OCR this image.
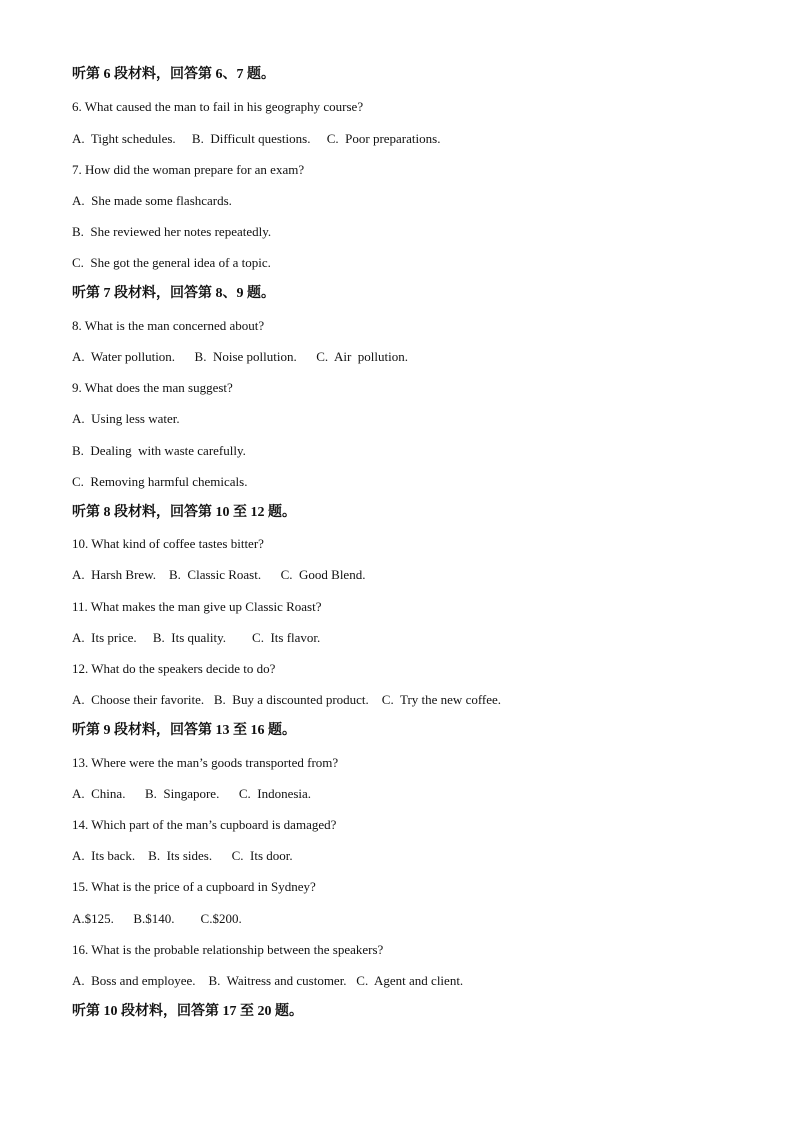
听第 6 段材料，回答第 6、7 题。
6. What caused the man to fail in his geography course?
A.  Tight schedules.     B.  Difficult questions.     C.  Poor preparations.
7. How did the woman prepare for an exam?
A.  She made some flashcards.
B.  She reviewed her notes repeatedly.
C.  She got the general idea of a topic.
听第 7 段材料，回答第 8、9 题。
8. What is the man concerned about?
A.  Water pollution.      B.  Noise pollution.      C.  Air  pollution.
9. What does the man suggest?
A.  Using less water.
B.  Dealing  with waste carefully.
C.  Removing harmful chemicals.
听第 8 段材料，回答第 10 至 12 题。
10. What kind of coffee tastes bitter?
A.  Harsh Brew.    B.  Classic Roast.      C.  Good Blend.
11. What makes the man give up Classic Roast?
A.  Its price.     B.  Its quality.        C.  Its flavor.
12. What do the speakers decide to do?
A.  Choose their favorite.   B.  Buy a discounted product.    C.  Try the new coffee.
听第 9 段材料，回答第 13 至 16 题。
13. Where were the man’s goods transported from?
A.  China.      B.  Singapore.      C.  Indonesia.
14. Which part of the man’s cupboard is damaged?
A.  Its back.    B.  Its sides.      C.  Its door.
15. What is the price of a cupboard in Sydney?
A.$125.      B.$140.        C.$200.
16. What is the probable relationship between the speakers?
A.  Boss and employee.    B.  Waitress and customer.   C.  Agent and client.
听第 10 段材料，回答第 17 至 20 题。
